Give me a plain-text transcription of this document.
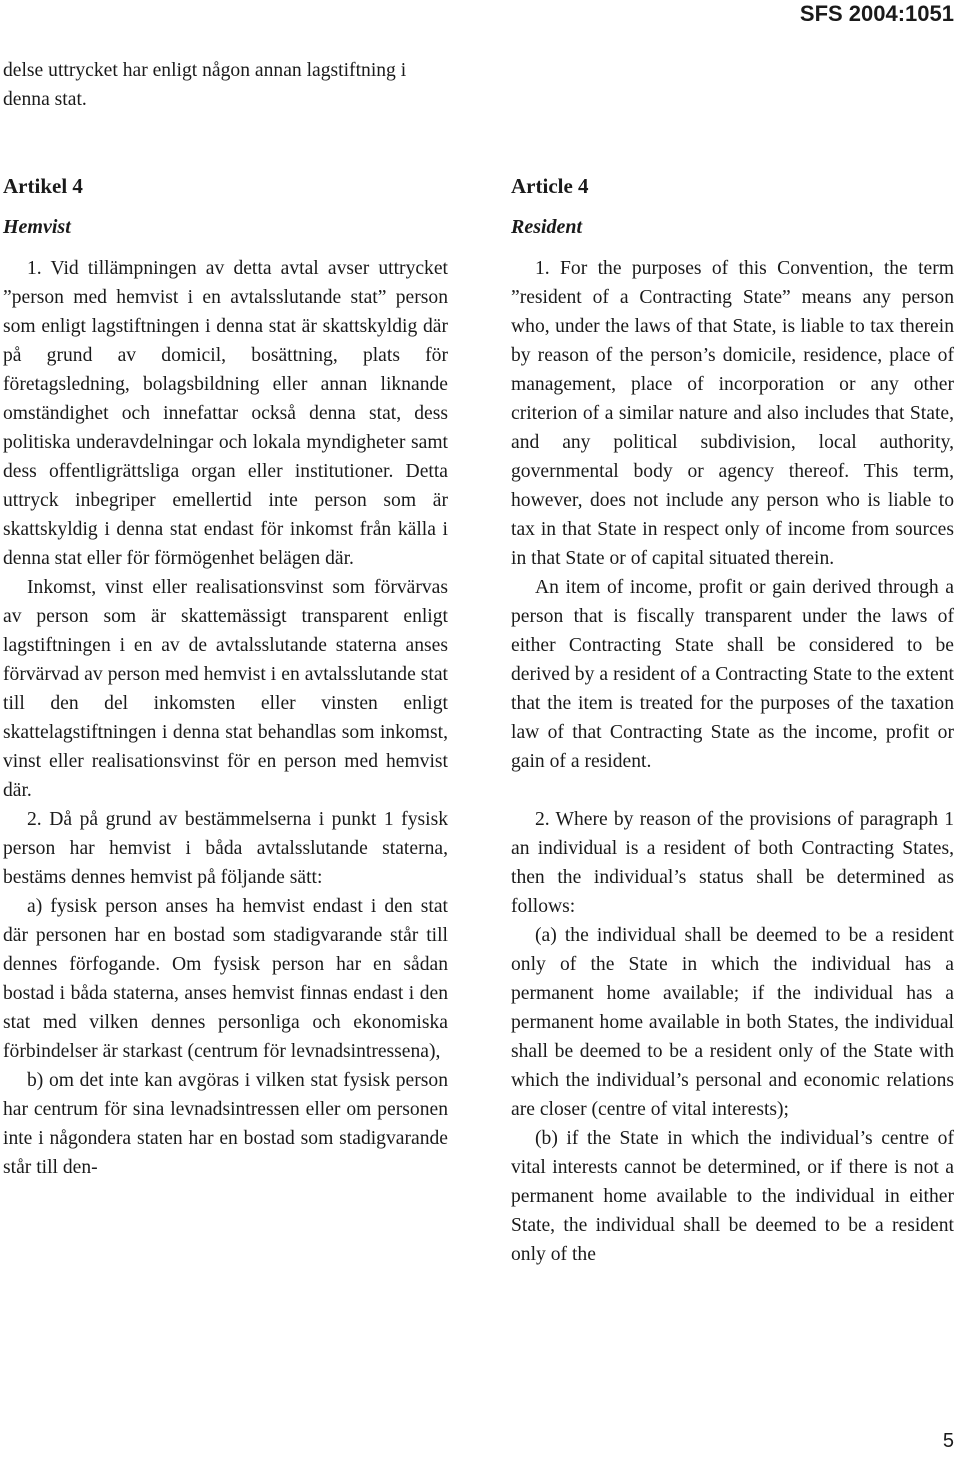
SFS 2004:1051

delse uttrycket har enligt någon annan lagstiftning i denna stat.

Artikel 4
Hemvist

1. Vid tillämpningen av detta avtal avser uttrycket ”person med hemvist i en avtalsslutande stat” person som enligt lagstiftningen i denna stat är skattskyldig där på grund av domicil, bosättning, plats för företagsledning, bolagsbildning eller annan liknande omständighet och innefattar också denna stat, dess politiska underavdelningar och lokala myndigheter samt dess offentligrättsliga organ eller institutioner. Detta uttryck inbegriper emellertid inte person som är skattskyldig i denna stat endast för inkomst från källa i denna stat eller för förmögenhet belägen där.

Inkomst, vinst eller realisationsvinst som förvärvas av person som är skattemässigt transparent enligt lagstiftningen i en av de avtalsslutande staterna anses förvärvad av person med hemvist i en avtalsslutande stat till den del inkomsten eller vinsten enligt skattelagstiftningen i denna stat behandlas som inkomst, vinst eller realisationsvinst för en person med hemvist där.

2. Då på grund av bestämmelserna i punkt 1 fysisk person har hemvist i båda avtalsslutande staterna, bestäms dennes hemvist på följande sätt:

a) fysisk person anses ha hemvist endast i den stat där personen har en bostad som stadigvarande står till dennes förfogande. Om fysisk person har en sådan bostad i båda staterna, anses hemvist finnas endast i den stat med vilken dennes personliga och ekonomiska förbindelser är starkast (centrum för levnadsintressena),

b) om det inte kan avgöras i vilken stat fysisk person har centrum för sina levnadsintressen eller om personen inte i någondera staten har en bostad som stadigvarande står till den-

Article 4
Resident

1. For the purposes of this Convention, the term ”resident of a Contracting State” means any person who, under the laws of that State, is liable to tax therein by reason of the person’s domicile, residence, place of management, place of incorporation or any other criterion of a similar nature and also includes that State, and any political subdivision, local authority, governmental body or agency thereof. This term, however, does not include any person who is liable to tax in that State in respect only of income from sources in that State or of capital situated therein.

An item of income, profit or gain derived through a person that is fiscally transparent under the laws of either Contracting State shall be considered to be derived by a resident of a Contracting State to the extent that the item is treated for the purposes of the taxation law of that Contracting State as the income, profit or gain of a resident.

2. Where by reason of the provisions of paragraph 1 an individual is a resident of both Contracting States, then the individual’s status shall be determined as follows:

(a) the individual shall be deemed to be a resident only of the State in which the individual has a permanent home available; if the individual has a permanent home available in both States, the individual shall be deemed to be a resident only of the State with which the individual’s personal and economic relations are closer (centre of vital interests);

(b) if the State in which the individual’s centre of vital interests cannot be determined, or if there is not a permanent home available to the individual in either State, the individual shall be deemed to be a resident only of the

5
